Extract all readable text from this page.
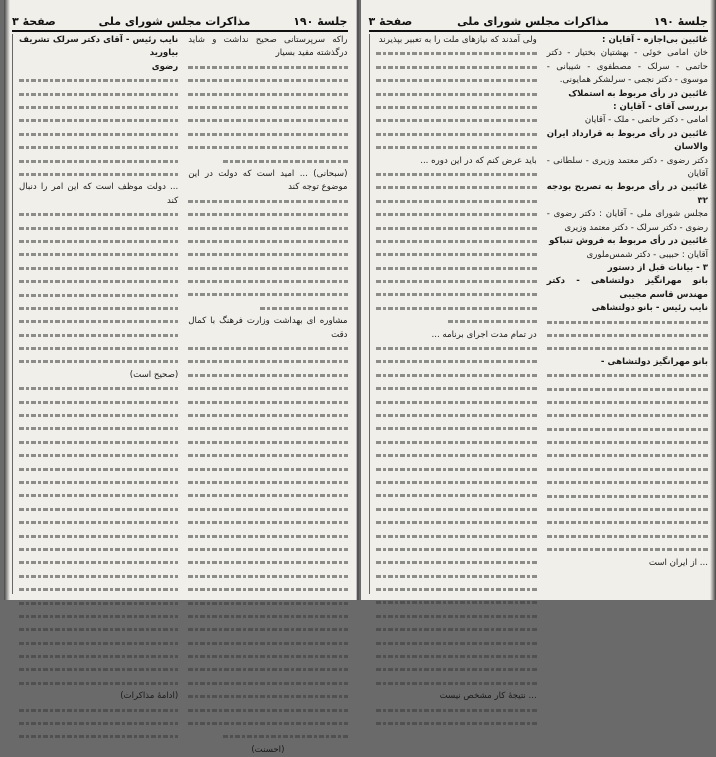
جلسهٔ ١٩٠
مذاکرات مجلس شورای ملی
صفحهٔ ٣

راکه سرپرستانی صحیح نداشت و شاید درگذشته مفید بسیار

(سبحانی) ... امید است که دولت در این موضوع توجه کند

مشاوره ای بهداشت وزارت فرهنگ با کمال دقت

(احسنت)

نایب رئیس - آقای دکتر سرلک تشریف بیاورید

رضوی

... دولت موظف است که این امر را دنبال کند

(صحیح است)

(ادامهٔ مذاکرات)

جلسهٔ ١٩٠
مذاکرات مجلس شورای ملی
صفحهٔ ٣

غائبین بی‌اجازه - آقایان :

خان امامی خوئی - بهشتیان بختیار - دکتر حاتمی - سرلک - مصطفوی - شیبانی - موسوی - دکتر نجمی - سرلشکر همایونی.

غائبین در رأی مربوط به استملاک

بررسی آقای - آقایان :

امامی - دکتر حاتمی - ملک - آقایان

غائبین در رأی مربوط به قرارداد ایران والاسان

دکتر رضوی - دکتر معتمد وزیری - سلطانی - آقایان

غائبین در رأی مربوط به تصریح بودجه ٣٢

مجلس شورای ملی - آقایان : دکتر رضوی - رضوی - دکتر سرلک - دکتر معتمد وزیری

غائبین در رأی مربوط به فروش تنباکو

آقایان : حبیبی - دکتر شمس‌ملوری

٣ - بیانات قبل از دستور

بانو مهرانگیز دولتشاهی - دکتر مهندس قاسم مجیبی

نایب رئیس - بانو دولتشاهی

بانو مهرانگیز دولتشاهی -

... از ایران است

ولی آمدند که نیازهای ملت را به تعبیر بپذیرند

باید عرض کنم که در این دوره ...

در تمام مدت اجرای برنامه ...

... نتیجهٔ کار مشخص نیست
